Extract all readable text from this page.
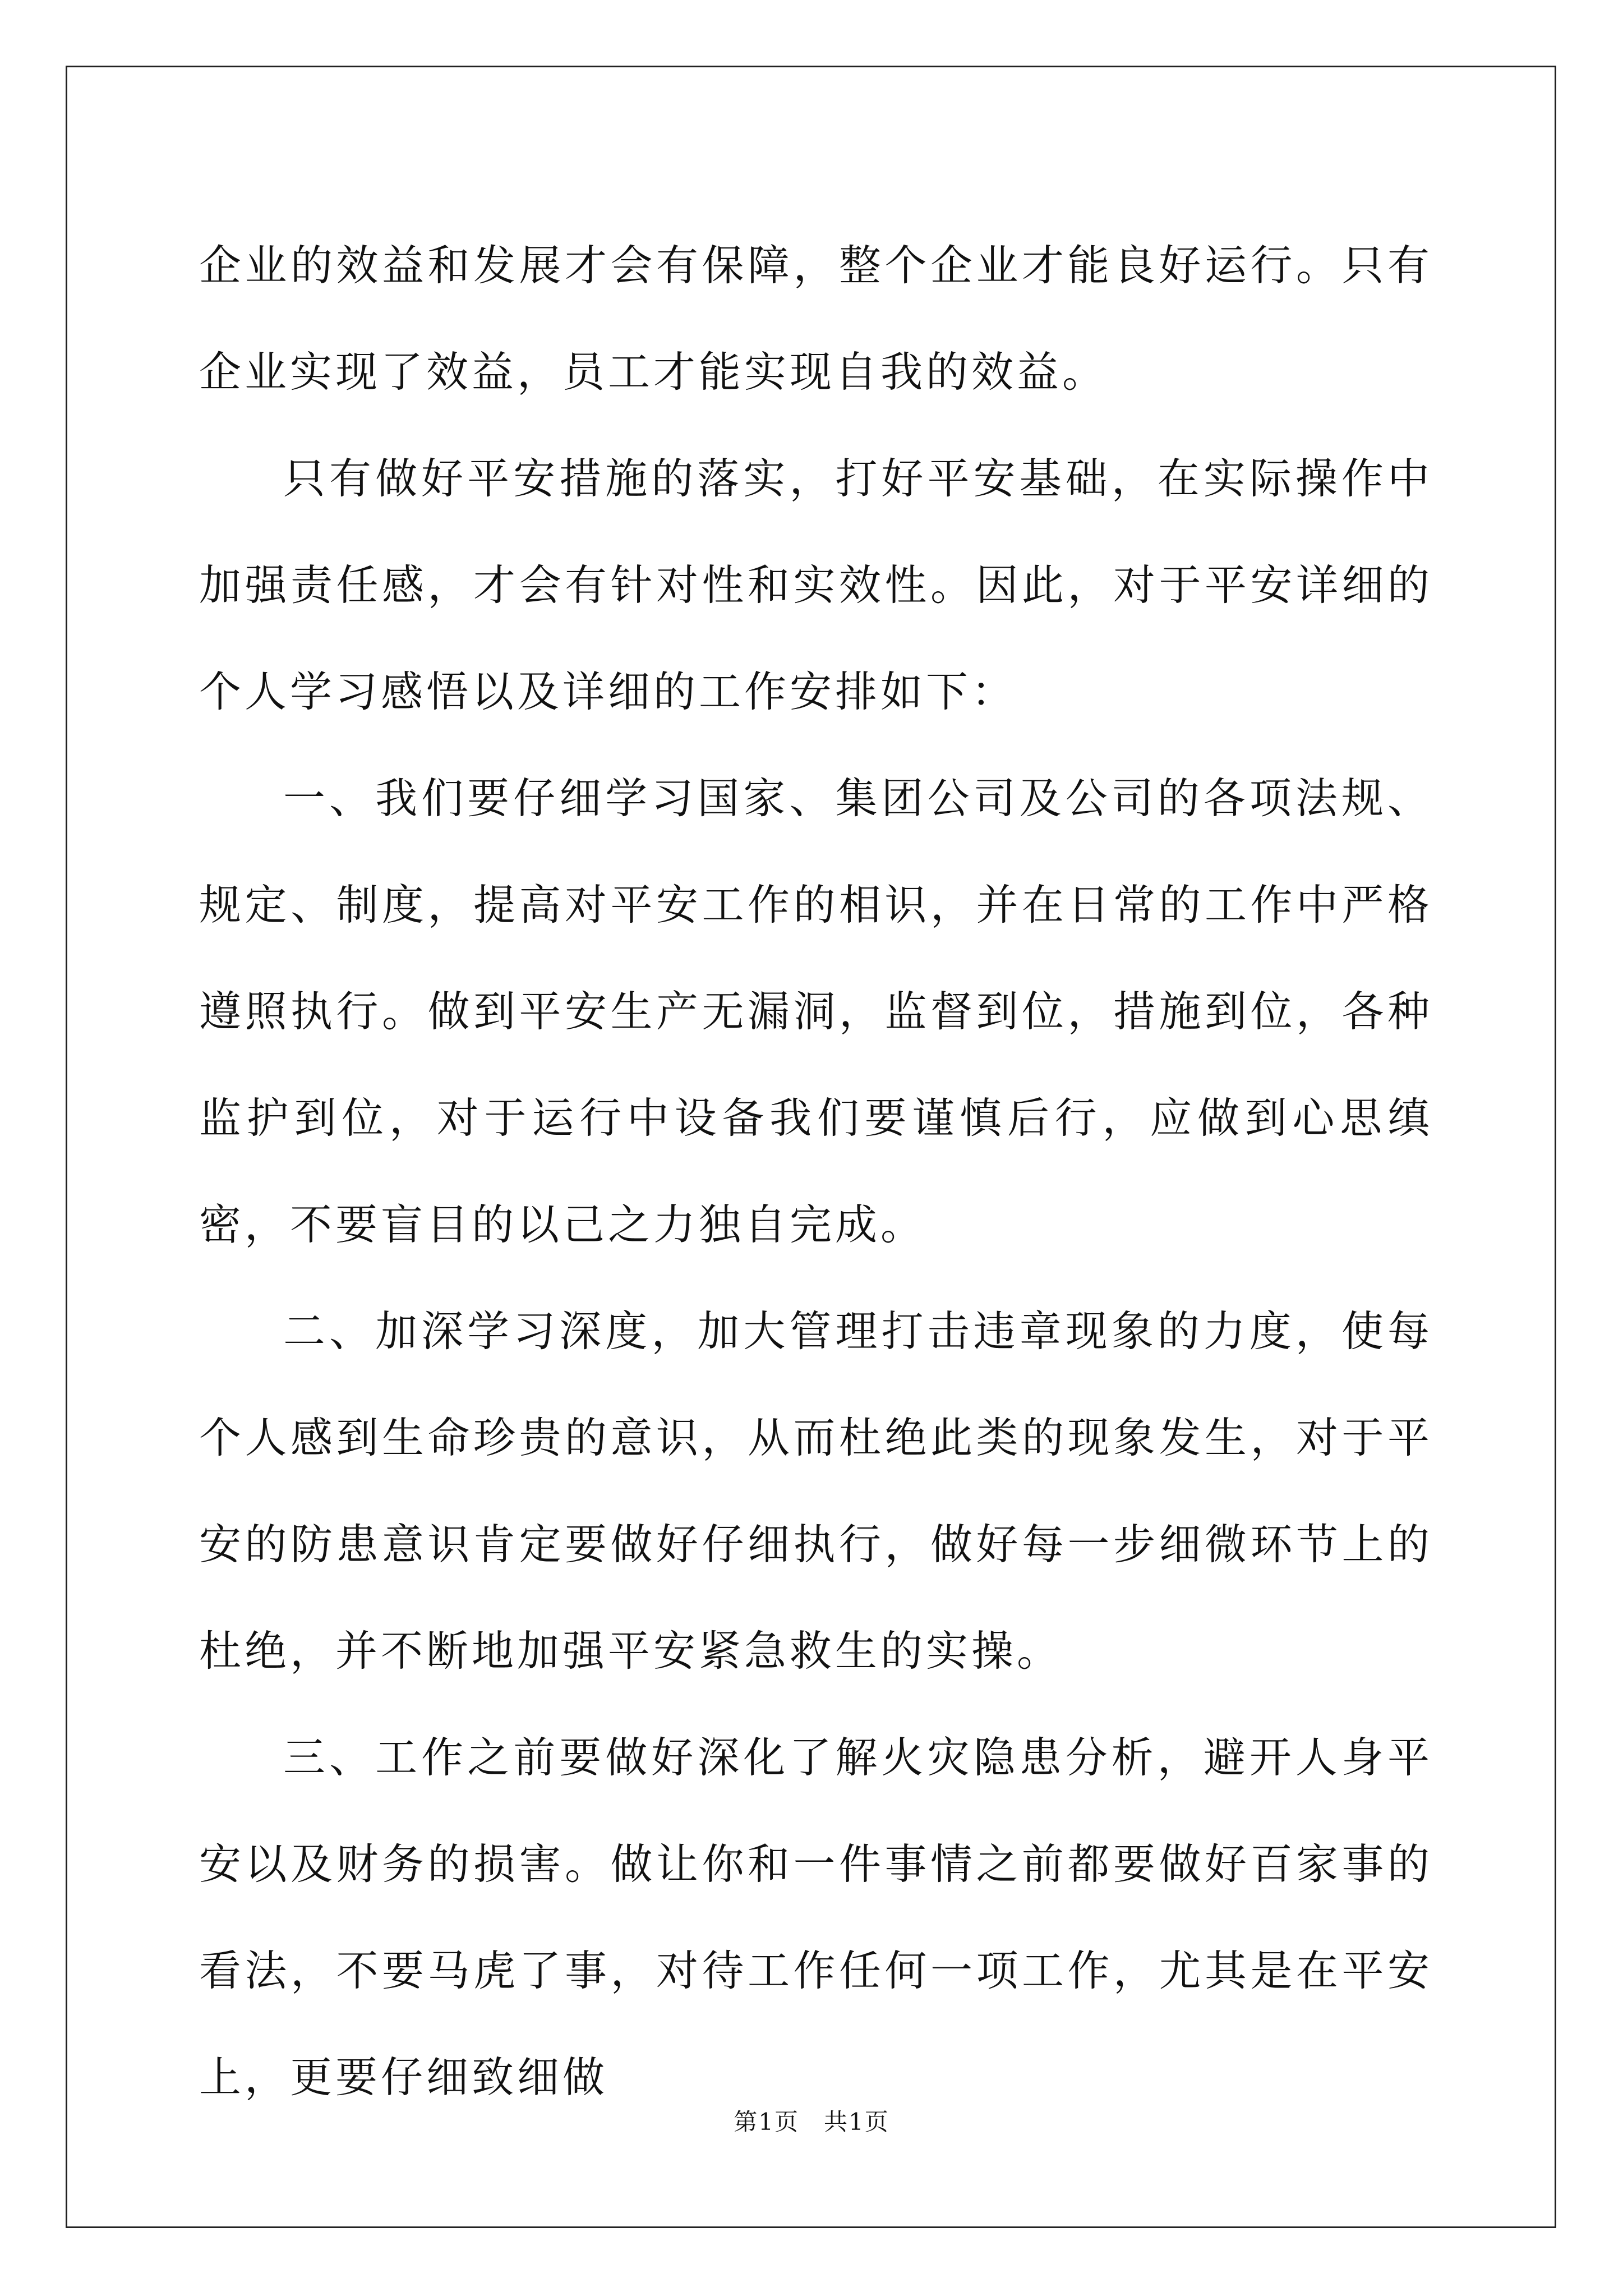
企业的效益和发展才会有保障，整个企业才能良好运行。只有企业实现了效益，员工才能实现自我的效益。

只有做好平安措施的落实，打好平安基础，在实际操作中加强责任感，才会有针对性和实效性。因此，对于平安详细的个人学习感悟以及详细的工作安排如下：

一、我们要仔细学习国家、集团公司及公司的各项法规、规定、制度，提高对平安工作的相识，并在日常的工作中严格遵照执行。做到平安生产无漏洞，监督到位，措施到位，各种监护到位，对于运行中设备我们要谨慎后行，应做到心思缜密，不要盲目的以己之力独自完成。

二、加深学习深度，加大管理打击违章现象的力度，使每个人感到生命珍贵的意识，从而杜绝此类的现象发生，对于平安的防患意识肯定要做好仔细执行，做好每一步细微环节上的杜绝，并不断地加强平安紧急救生的实操。

三、工作之前要做好深化了解火灾隐患分析，避开人身平安以及财务的损害。做让你和一件事情之前都要做好百家事的看法，不要马虎了事，对待工作任何一项工作，尤其是在平安上，更要仔细致细做

第1页　共1页
